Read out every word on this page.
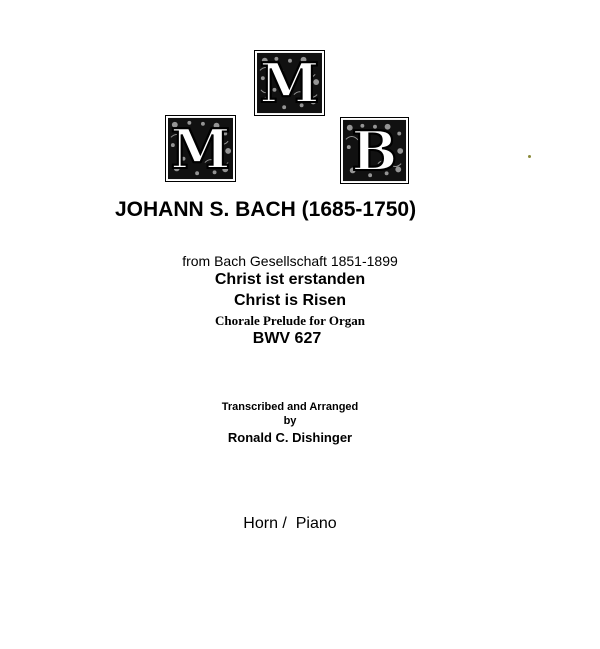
M
M B
JOHANN S. BACH (1685-1750)
from Bach Gesellschaft 1851-1899
Christ ist erstanden
Christ is Risen
Chorale Prelude for Organ
BWV 627
Transcribed and Arranged
by
Ronald C. Dishinger
Horn /  Piano
